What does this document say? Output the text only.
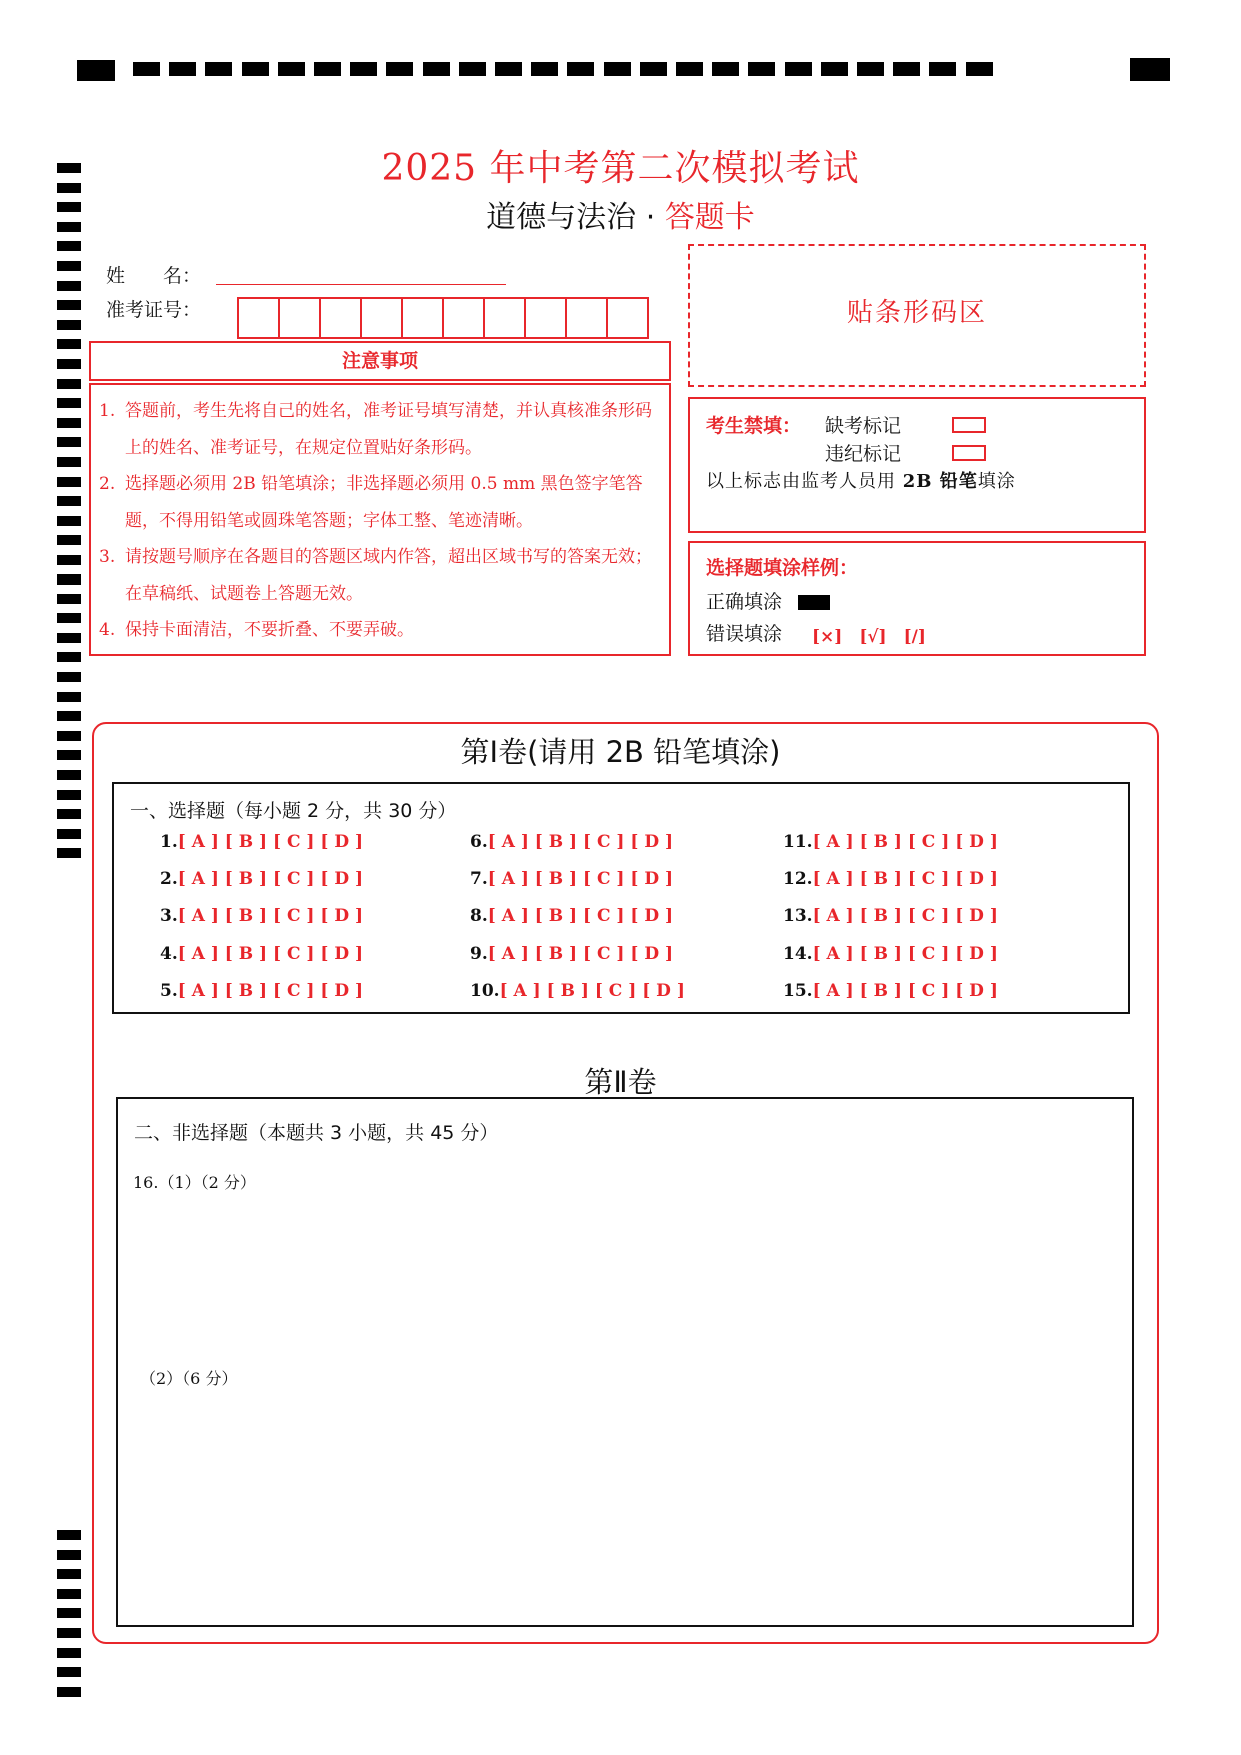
2025 年中考第二次模拟考试
道德与法治 · 答题卡
姓　　名：
准考证号：
注意事项
1. 答题前，考生先将自己的姓名，准考证号填写清楚，并认真核准条形码上的姓名、准考证号，在规定位置贴好条形码。
2. 选择题必须用 2B 铅笔填涂；非选择题必须用 0.5 mm 黑色签字笔答题，不得用铅笔或圆珠笔答题；字体工整、笔迹清晰。
3. 请按题号顺序在各题目的答题区域内作答，超出区域书写的答案无效；在草稿纸、试题卷上答题无效。
4. 保持卡面清洁，不要折叠、不要弄破。
贴条形码区
考生禁填： 缺考标记
违纪标记
以上标志由监考人员用 2B 铅笔填涂
选择题填涂样例：
正确填涂
错误填涂 [×]　[√]　[/]
第Ⅰ卷(请用 2B 铅笔填涂)
一、选择题（每小题 2 分，共 30 分）
1.[ A ] [ B ] [ C ] [ D ]
2.[ A ] [ B ] [ C ] [ D ]
3.[ A ] [ B ] [ C ] [ D ]
4.[ A ] [ B ] [ C ] [ D ]
5.[ A ] [ B ] [ C ] [ D ]
6.[ A ] [ B ] [ C ] [ D ]
7.[ A ] [ B ] [ C ] [ D ]
8.[ A ] [ B ] [ C ] [ D ]
9.[ A ] [ B ] [ C ] [ D ]
10.[ A ] [ B ] [ C ] [ D ]
11.[ A ] [ B ] [ C ] [ D ]
12.[ A ] [ B ] [ C ] [ D ]
13.[ A ] [ B ] [ C ] [ D ]
14.[ A ] [ B ] [ C ] [ D ]
15.[ A ] [ B ] [ C ] [ D ]
第Ⅱ卷
二、非选择题（本题共 3 小题，共 45 分）
16.（1）（2 分）
（2）（6 分）
